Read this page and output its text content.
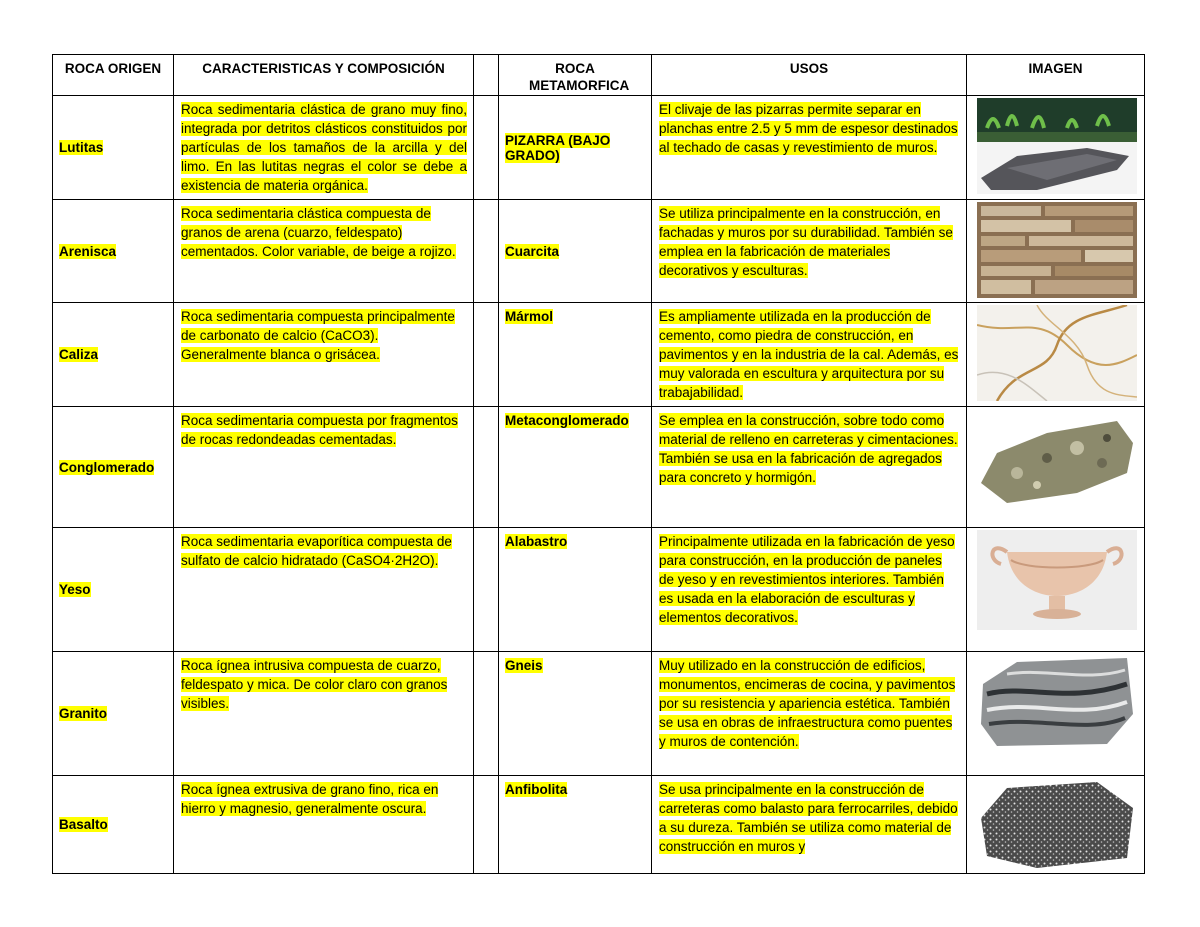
ROCA ORIGEN	CARACTERISTICAS Y COMPOSICIÓN		ROCA METAMORFICA	USOS	IMAGEN
Lutitas	Roca sedimentaria clástica de grano muy fino, integrada por detritos clásticos constituidos por partículas de los tamaños de la arcilla y del limo. En las lutitas negras el color se debe a existencia de materia orgánica.		PIZARRA (BAJO GRADO)	El clivaje de las pizarras permite separar en planchas entre 2.5 y 5 mm de espesor destinados al techado de casas y revestimiento de muros.	

Arenisca	Roca sedimentaria clástica compuesta de granos de arena (cuarzo, feldespato) cementados. Color variable, de beige a rojizo.		Cuarcita	Se utiliza principalmente en la construcción, en fachadas y muros por su durabilidad. También se emplea en la fabricación de materiales decorativos y esculturas.	

Caliza	Roca sedimentaria compuesta principalmente de carbonato de calcio (CaCO3). Generalmente blanca o grisácea.		Mármol	Es ampliamente utilizada en la producción de cemento, como piedra de construcción, en pavimentos y en la industria de la cal. Además, es muy valorada en escultura y arquitectura por su trabajabilidad.	

Conglomerado	Roca sedimentaria compuesta por fragmentos de rocas redondeadas cementadas.		Metaconglomerado	Se emplea en la construcción, sobre todo como material de relleno en carreteras y cimentaciones. También se usa en la fabricación de agregados para concreto y hormigón.	

Yeso	Roca sedimentaria evaporítica compuesta de sulfato de calcio hidratado (CaSO4·2H2O).		Alabastro	Principalmente utilizada en la fabricación de yeso para construcción, en la producción de paneles de yeso y en revestimientos interiores. También es usada en la elaboración de esculturas y elementos decorativos.	

Granito	Roca ígnea intrusiva compuesta de cuarzo, feldespato y mica. De color claro con granos visibles.		Gneis	Muy utilizado en la construcción de edificios, monumentos, encimeras de cocina, y pavimentos por su resistencia y apariencia estética. También se usa en obras de infraestructura como puentes y muros de contención.	

Basalto	Roca ígnea extrusiva de grano fino, rica en hierro y magnesio, generalmente oscura.		Anfibolita	Se usa principalmente en la construcción de carreteras como balasto para ferrocarriles, debido a su dureza. También se utiliza como material de construcción en muros y	
